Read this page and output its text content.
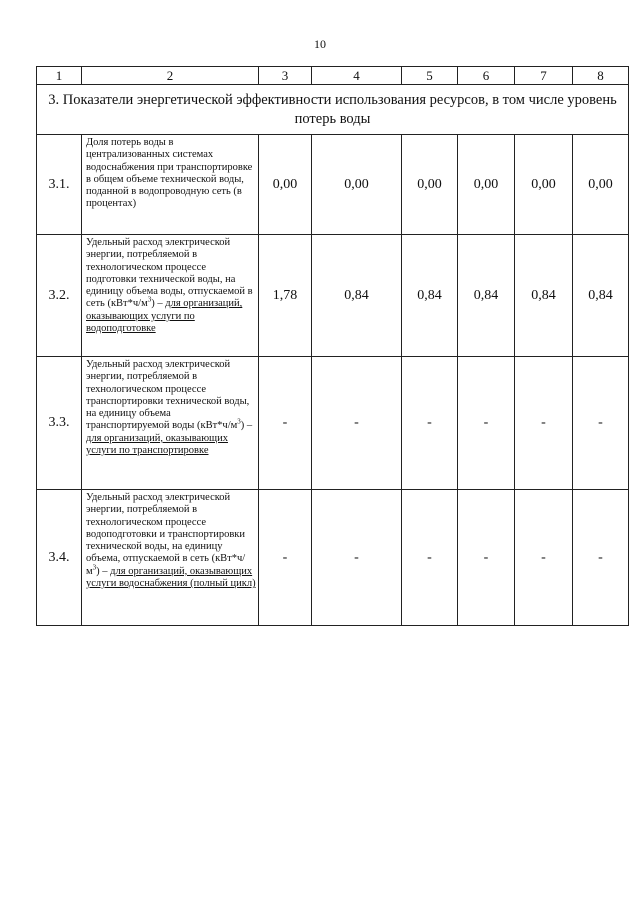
10
1	2	3	4	5	6	7	8
3. Показатели энергетической эффективности использования ресурсов, в том числе уровень потерь воды							
3.1.	Доля потерь воды в централизованных системах водоснабжения при транспортировке в общем объеме технической воды, поданной в водопроводную сеть (в процентах)	0,00	0,00	0,00	0,00	0,00	0,00
3.2.	Удельный расход электрической энергии, потребляемой в технологическом процессе подготовки технической воды, на единицу объема воды, отпускаемой в сеть $(кВт*ч/м^3)$ – для организаций, оказывающих услуги по водоподготовке	1,78	0,84	0,84	0,84	0,84	0,84
3.3.	Удельный расход электрической энергии, потребляемой в технологическом процессе транспортировки технической воды, на единицу объема транспортируемой воды $(кВт*ч/м^3)$ – для организаций, оказывающих услуги по транспортировке	-	-	-	-	-	-
3.4.	Удельный расход электрической энергии, потребляемой в технологическом процессе водоподготовки и транспортировки технической воды, на единицу объема, отпускаемой в сеть $(кВт*ч/м^3)$ – для организаций, оказывающих услуги водоснабжения (полный цикл)	-	-	-	-	-	-
